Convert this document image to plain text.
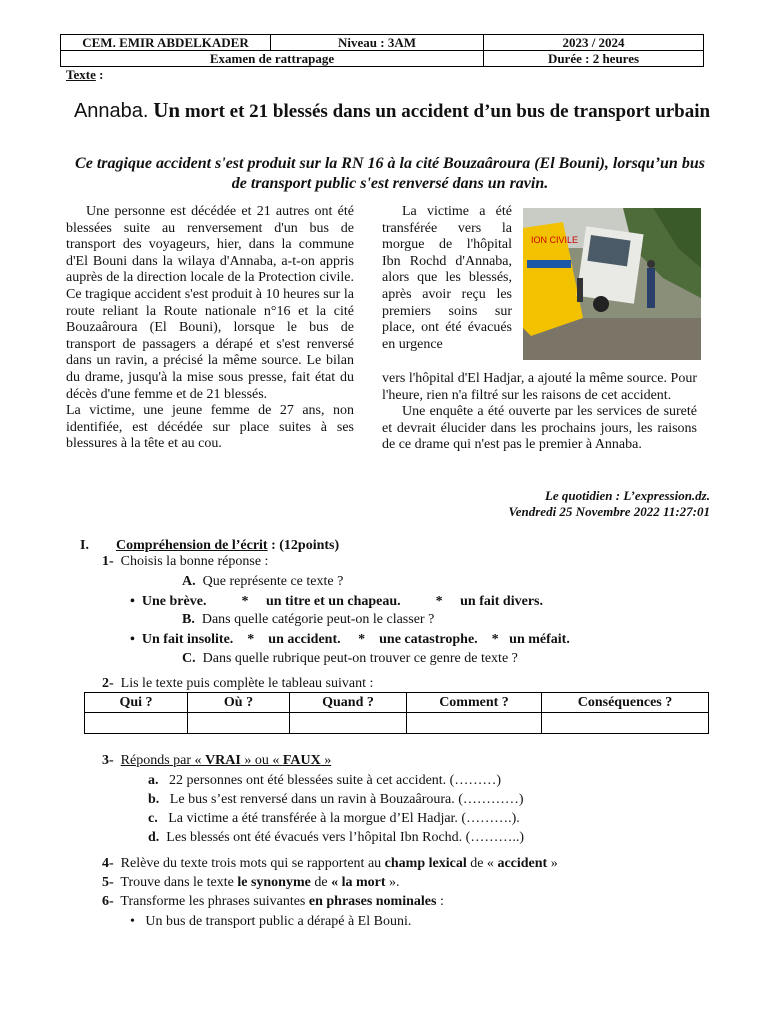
CEM. EMIR ABDELKADER	Niveau : 3AM	2023 / 2024
Examen de rattrapage		Durée : 2 heures
Texte :
Annaba. Un mort et 21 blessés dans un accident d’un bus de transport urbain
Ce tragique accident s'est produit sur la RN 16 à la cité Bouzaâroura (El Bouni), lorsqu’un bus de transport public s'est renversé dans un ravin.

Une personne est décédée et 21 autres ont été blessées suite au renversement d'un bus de transport des voyageurs, hier, dans la commune d'El Bouni dans la wilaya d'Annaba, a-t-on appris auprès de la direction locale de la Protection civile. Ce tragique accident s'est produit à 10 heures sur la route reliant la Route nationale n°16 et la cité Bouzaâroura (El Bouni), lorsque le bus de transport de passagers a dérapé et s'est renversé dans un ravin, a précisé la même source. Le bilan du drame, jusqu'à la mise sous presse, fait état du décès d'une femme et de 21 blessés.

La victime, une jeune femme de 27 ans, non identifiée, est décédée sur place suites à ses blessures à la tête et au cou.

La victime a été transférée vers la morgue de l'hôpital Ibn Rochd d'Annaba, alors que les blessés, après avoir reçu les premiers soins sur place, ont été évacués en urgence

ION CIVILE

vers l'hôpital d'El Hadjar, a ajouté la même source. Pour l'heure, rien n'a filtré sur les raisons de cet accident.

Une enquête a été ouverte par les services de sureté et devrait élucider dans les prochains jours, les raisons de ce drame qui n'est pas le premier à Annaba.

Le quotidien : L’expression.dz.
Vendredi 25 Novembre 2022 11:27:01
I. Compréhension de l’écrit : (12points)
1- Choisis la bonne réponse :
A. Que représente ce texte ?
•  Une brève.          *     un titre et un chapeau.          *     un fait divers.
B. Dans quelle catégorie peut-on le classer ?
•  Un fait insolite.    *    un accident.     *    une catastrophe.    *   un méfait.
C. Dans quelle rubrique peut-on trouver ce genre de texte ?
2- Lis le texte puis complète le tableau suivant :
Qui ?	Où ?	Quand ?	Comment ?	Conséquences ?

3- Réponds par « VRAI » ou « FAUX »
a. 22 personnes ont été blessées suite à cet accident. (………)
b. Le bus s’est renversé dans un ravin à Bouzaâroura. (…………)
c. La victime a été transférée à la morgue d’El Hadjar. (……….).
d. Les blessés ont été évacués vers l’hôpital Ibn Rochd. (………..)
4- Relève du texte trois mots qui se rapportent au champ lexical de « accident »
5- Trouve dans le texte le synonyme de « la mort ».
6- Transforme les phrases suivantes en phrases nominales :
•   Un bus de transport public a dérapé à El Bouni.
